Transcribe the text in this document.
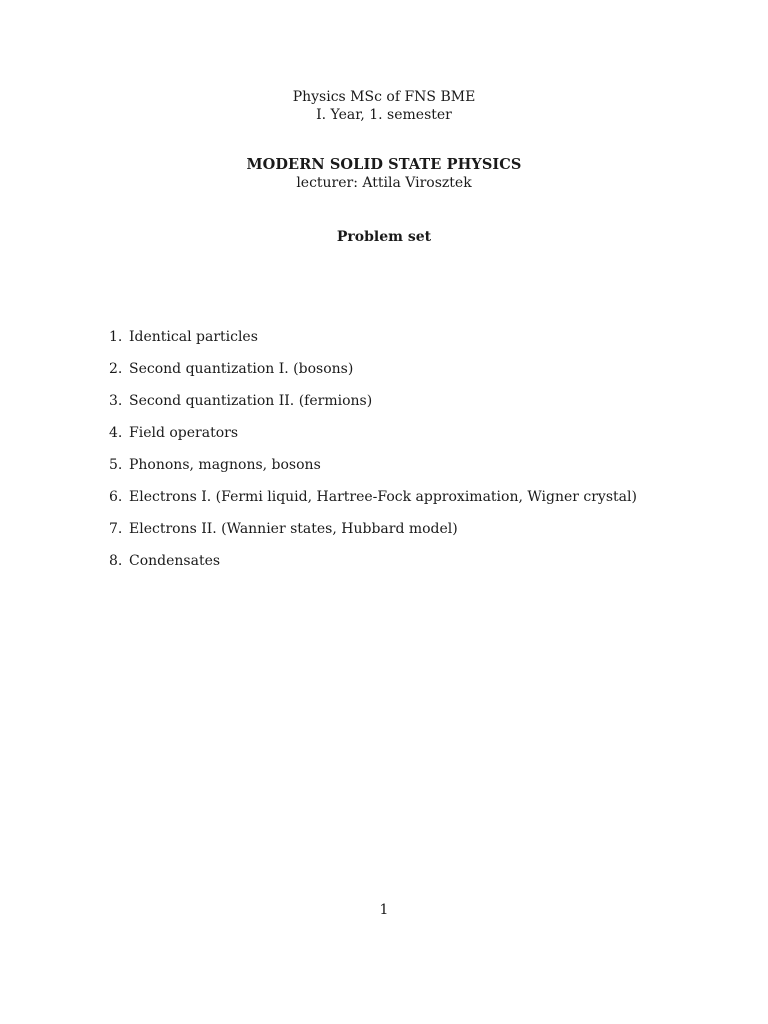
Physics MSc of FNS BME
I. Year, 1. semester
MODERN SOLID STATE PHYSICS
lecturer: Attila Virosztek
Problem set
1. Identical particles
2. Second quantization I. (bosons)
3. Second quantization II. (fermions)
4. Field operators
5. Phonons, magnons, bosons
6. Electrons I. (Fermi liquid, Hartree-Fock approximation, Wigner crystal)
7. Electrons II. (Wannier states, Hubbard model)
8. Condensates
1
